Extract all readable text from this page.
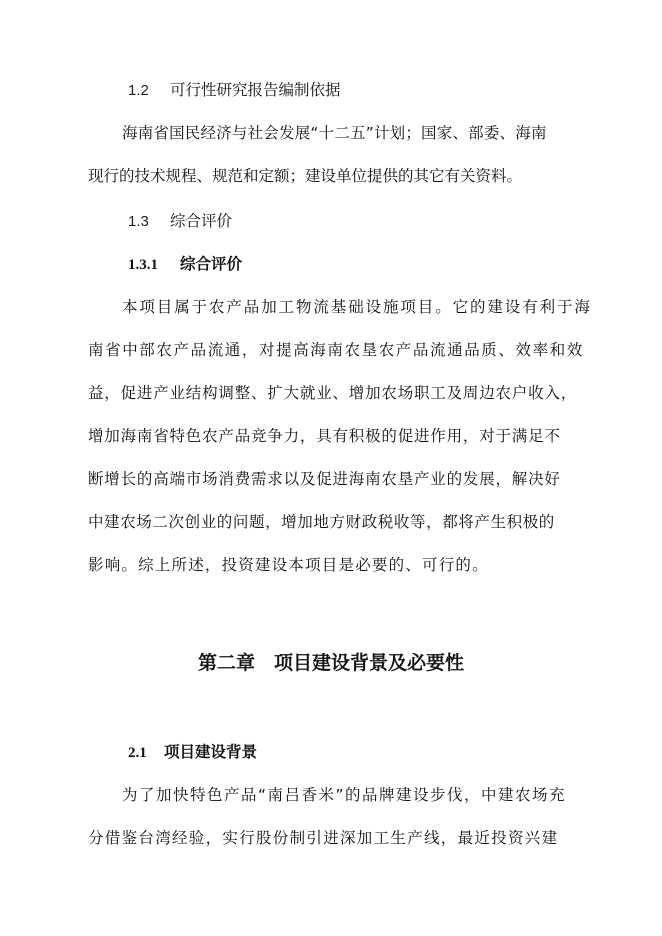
1.2 可行性研究报告编制依据
海南省国民经济与社会发展“十二五”计划；国家、部委、海南
现行的技术规程、规范和定额；建设单位提供的其它有关资料。
1.3 综合评价
1.3.1 综合评价
本项目属于农产品加工物流基础设施项目。它的建设有利于海
南省中部农产品流通，对提高海南农垦农产品流通品质、效率和效
益，促进产业结构调整、扩大就业、增加农场职工及周边农户收入，
增加海南省特色农产品竞争力，具有积极的促进作用，对于满足不
断增长的高端市场消费需求以及促进海南农垦产业的发展，解决好
中建农场二次创业的问题，增加地方财政税收等，都将产生积极的
影响。综上所述，投资建设本项目是必要的、可行的。
第二章　项目建设背景及必要性
2.1 项目建设背景
为了加快特色产品“南吕香米”的品牌建设步伐，中建农场充
分借鉴台湾经验，实行股份制引进深加工生产线，最近投资兴建
